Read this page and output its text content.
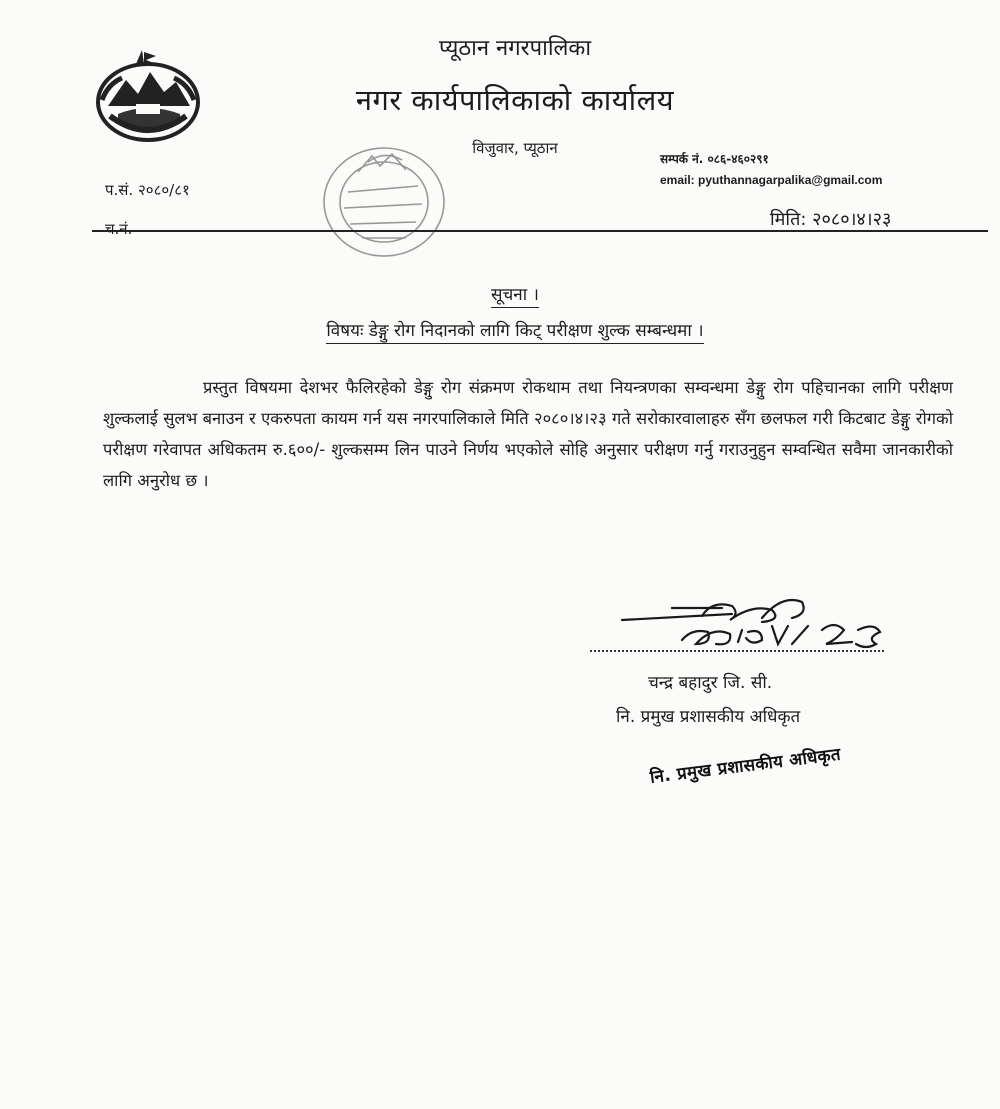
प्यूठान नगरपालिका
नगर कार्यपालिकाको कार्यालय
विजुवार, प्यूठान
सम्पर्क नं. ०८६-४६०२९१
email: pyuthannagarpalika@gmail.com
प.सं. २०८०/८१
च.नं.	मिति: २०८०।४।२३
सूचना ।
विषयः डेङ्गु रोग निदानको लागि किट् परीक्षण शुल्क सम्बन्धमा ।
प्रस्तुत विषयमा देशभर फैलिरहेको डेङ्गु रोग संक्रमण रोकथाम तथा नियन्त्रणका सम्वन्धमा डेङ्गु रोग पहिचानका लागि परीक्षण शुल्कलाई सुलभ बनाउन र एकरुपता कायम गर्न यस नगरपालिकाले मिति २०८०।४।२३ गते सरोकारवालाहरु सँग छलफल गरी किटबाट डेङ्गु रोगको परीक्षण गरेवापत अधिकतम रु.६००/- शुल्कसम्म लिन पाउने निर्णय भएकोले सोहि अनुसार परीक्षण गर्नु गराउनुहुन सम्वन्धित सवैमा जानकारीको लागि अनुरोध छ ।
चन्द्र बहादुर जि. सी.
नि. प्रमुख प्रशासकीय अधिकृत
नि. प्रमुख प्रशासकीय अधिकृत
